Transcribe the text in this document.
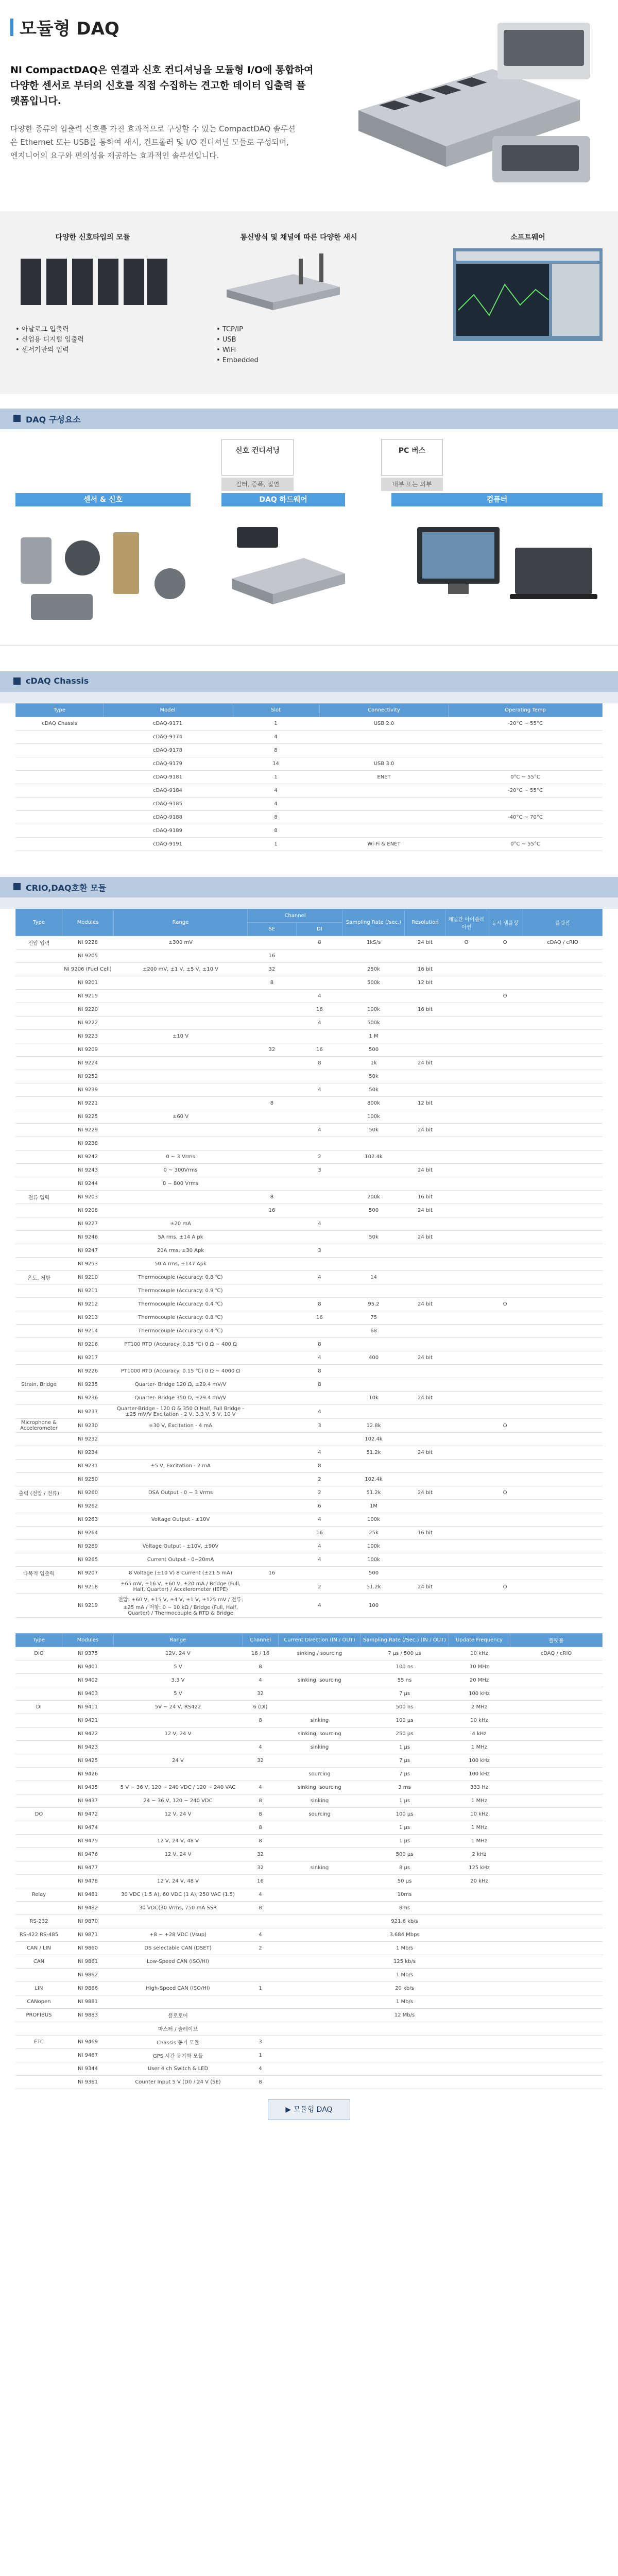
모듈형 DAQ
NI CompactDAQ은 연결과 신호 컨디셔닝을 모듈형 I/O에 통합하여 다양한 센서로 부터의 신호를 직접 수집하는 견고한 데이터 입출력 플랫폼입니다.
다양한 종류의 입출력 신호를 가진 효과적으로 구성할 수 있는 CompactDAQ 솔루션은 Ethernet 또는 USB를 통하여 새시, 컨트롤러 및 I/O 컨디셔널 모듈로 구성되며, 엔지니어의 요구와 편의성을 제공하는 효과적인 솔루션입니다.
다양한 신호타입의 모듈
• 아날로그 입출력
• 신업용 디지털 입출력
• 센서기반의 입력
통신방식 및 채널에 따른 다양한 새시
• TCP/IP
• USB
• WiFi
• Embedded
소프트웨어
DAQ 구성요소
신호 컨디셔닝
필터, 증폭, 절연
PC 버스
내부 또는 외부
센서 & 신호	DAQ 하드웨어	컴퓨터
cDAQ Chassis
Type	Model	Slot	Connectivity	Operating Temp
cDAQ Chassis	cDAQ-9171	1	USB 2.0	-20°C ~ 55°C
	cDAQ-9174	4		
	cDAQ-9178	8		
	cDAQ-9179	14	USB 3.0	
	cDAQ-9181	1	ENET	0°C ~ 55°C
	cDAQ-9184	4		-20°C ~ 55°C
	cDAQ-9185	4		
	cDAQ-9188	8		-40°C ~ 70°C
	cDAQ-9189	8		
	cDAQ-9191	1	Wi-Fi & ENET	0°C ~ 55°C
CRIO,DAQ호환 모듈
Type	Modules	Range	Channel		Sampling Rate (/sec.)	Resolution	채널간 아이솔레이션	동시 샘플링	플랫폼
			SE	DI					
전압 입력	NI 9228	±300 mV		8	1kS/s	24 bit	O	O	cDAQ / cRIO
	NI 9205		16						
	NI 9206 (Fuel Cell)	±200 mV, ±1 V, ±5 V, ±10 V	32		250k	16 bit			
	NI 9201		8		500k	12 bit			
	NI 9215			4				O	
	NI 9220			16	100k	16 bit			
	NI 9222			4	500k				
	NI 9223	±10 V			1 M				
	NI 9209		32	16	500				
	NI 9224			8	1k	24 bit			
	NI 9252				50k				
	NI 9239			4	50k				
	NI 9221		8		800k	12 bit			
	NI 9225	±60 V			100k				
	NI 9229			4	50k	24 bit			
	NI 9238								
	NI 9242	0 ~ 3 Vrms		2	102.4k				
	NI 9243	0 ~ 300Vrms		3		24 bit			
	NI 9244	0 ~ 800 Vrms							
전류 입력	NI 9203		8		200k	16 bit			
	NI 9208		16		500	24 bit			
	NI 9227	±20 mA		4					
	NI 9246	5A rms, ±14 A pk			50k	24 bit			
	NI 9247	20A rms, ±30 Apk		3					
	NI 9253	50 A rms, ±147 Apk							
온도, 저항	NI 9210	Thermocouple (Accuracy: 0.8 ℃)		4	14				
	NI 9211	Thermocouple (Accuracy: 0.9 ℃)							
	NI 9212	Thermocouple (Accuracy: 0.4 ℃)		8	95.2	24 bit		O	
	NI 9213	Thermocouple (Accuracy: 0.8 ℃)		16	75				
	NI 9214	Thermocouple (Accuracy: 0.4 ℃)			68				
	NI 9216	PT100 RTD (Accuracy: 0.15 ℃) 0 Ω ~ 400 Ω		8					
	NI 9217			4	400	24 bit			
	NI 9226	PT1000 RTD (Accuracy: 0.15 ℃) 0 Ω ~ 4000 Ω		8					
Strain, Bridge	NI 9235	Quarter- Bridge 120 Ω, ±29.4 mV/V		8					
	NI 9236	Quarter- Bridge 350 Ω, ±29.4 mV/V			10k	24 bit			
	NI 9237	Quarter-Bridge - 120 Ω & 350 Ω Half, Full Bridge - ±25 mV/V Excitation - 2 V, 3.3 V, 5 V, 10 V		4					
Microphone & Accelerometer	NI 9230	±30 V, Excitation - 4 mA		3	12.8k			O	
	NI 9232				102.4k				
	NI 9234			4	51.2k	24 bit			
	NI 9231	±5 V, Excitation - 2 mA		8					
	NI 9250			2	102.4k				
출력 (전압 / 전류)	NI 9260	DSA Output - 0 ~ 3 Vrms		2	51.2k	24 bit		O	
	NI 9262			6	1M				
	NI 9263	Voltage Output - ±10V		4	100k				
	NI 9264			16	25k	16 bit			
	NI 9269	Voltage Output - ±10V, ±90V		4	100k				
	NI 9265	Current Output - 0~20mA		4	100k				
다목적 입출력	NI 9207	8 Voltage (±10 V) 8 Current (±21.5 mA)	16		500				
	NI 9218	±65 mV, ±16 V, ±60 V, ±20 mA / Bridge (Full, Half, Quarter) / Accelerometer (IEPE)		2	51.2k	24 bit		O	
	NI 9219	전압: ±60 V, ±15 V, ±4 V, ±1 V, ±125 mV / 전류: ±25 mA / 저항: 0 ~ 10 kΩ / Bridge (Full, Half, Quarter) / Thermocouple & RTD & Bridge		4	100				
Type	Modules	Range	Channel	Current Direction (IN / OUT)	Sampling Rate (/Sec.) (IN / OUT)	Update Frequency	플랫폼
DIO	NI 9375	12V, 24 V	16 / 16	sinking / sourcing	7 μs / 500 μs	10 kHz	cDAQ / cRIO
	NI 9401	5 V	8		100 ns	10 MHz	
	NI 9402	3.3 V	4	sinking, sourcing	55 ns	20 MHz	
	NI 9403	5 V	32		7 μs	100 kHz	
DI	NI 9411	5V ~ 24 V, RS422	6 (DI)		500 ns	2 MHz	
	NI 9421		8	sinking	100 μs	10 kHz	
	NI 9422	12 V, 24 V		sinking, sourcing	250 μs	4 kHz	
	NI 9423		4	sinking	1 μs	1 MHz	
	NI 9425	24 V	32		7 μs	100 kHz	
	NI 9426			sourcing	7 μs	100 kHz	
	NI 9435	5 V ~ 36 V, 120 ~ 240 VDC / 120 ~ 240 VAC	4	sinking, sourcing	3 ms	333 Hz	
	NI 9437	24 ~ 36 V, 120 ~ 240 VDC	8	sinking	1 μs	1 MHz	
DO	NI 9472	12 V, 24 V	8	sourcing	100 μs	10 kHz	
	NI 9474		8		1 μs	1 MHz	
	NI 9475	12 V, 24 V, 48 V	8		1 μs	1 MHz	
	NI 9476	12 V, 24 V	32		500 μs	2 kHz	
	NI 9477		32	sinking	8 μs	125 kHz	
	NI 9478	12 V, 24 V, 48 V	16		50 μs	20 kHz	
Relay	NI 9481	30 VDC (1.5 A), 60 VDC (1 A), 250 VAC (1.5)	4		10ms		
	NI 9482	30 VDC(30 Vrms, 750 mA SSR	8		8ms		
RS-232	NI 9870				921.6 kb/s		
RS-422 RS-485	NI 9871	+8 ~ +28 VDC (Vsup)	4		3.684 Mbps		
CAN / LIN	NI 9860	DS selectable CAN (DSET)	2		1 Mb/s		
CAN	NI 9861	Low-Speed CAN (ISO/HI)			125 kb/s		
	NI 9862				1 Mb/s		
LIN	NI 9866	High-Speed CAN (ISO/HI)	1		20 kb/s		
CANopen	NI 9881				1 Mb/s		
PROFIBUS	NI 9883	플로토어			12 Mb/s		
		마스터 / 슬레이브					
ETC	NI 9469	Chassis 동기 모듈	3				
	NI 9467	GPS 시간 동기화 모듈	1				
	NI 9344	User 4 ch Switch & LED	4				
	NI 9361	Counter Input 5 V (DI) / 24 V (SE)	8				
▶ 모듈형 DAQ
